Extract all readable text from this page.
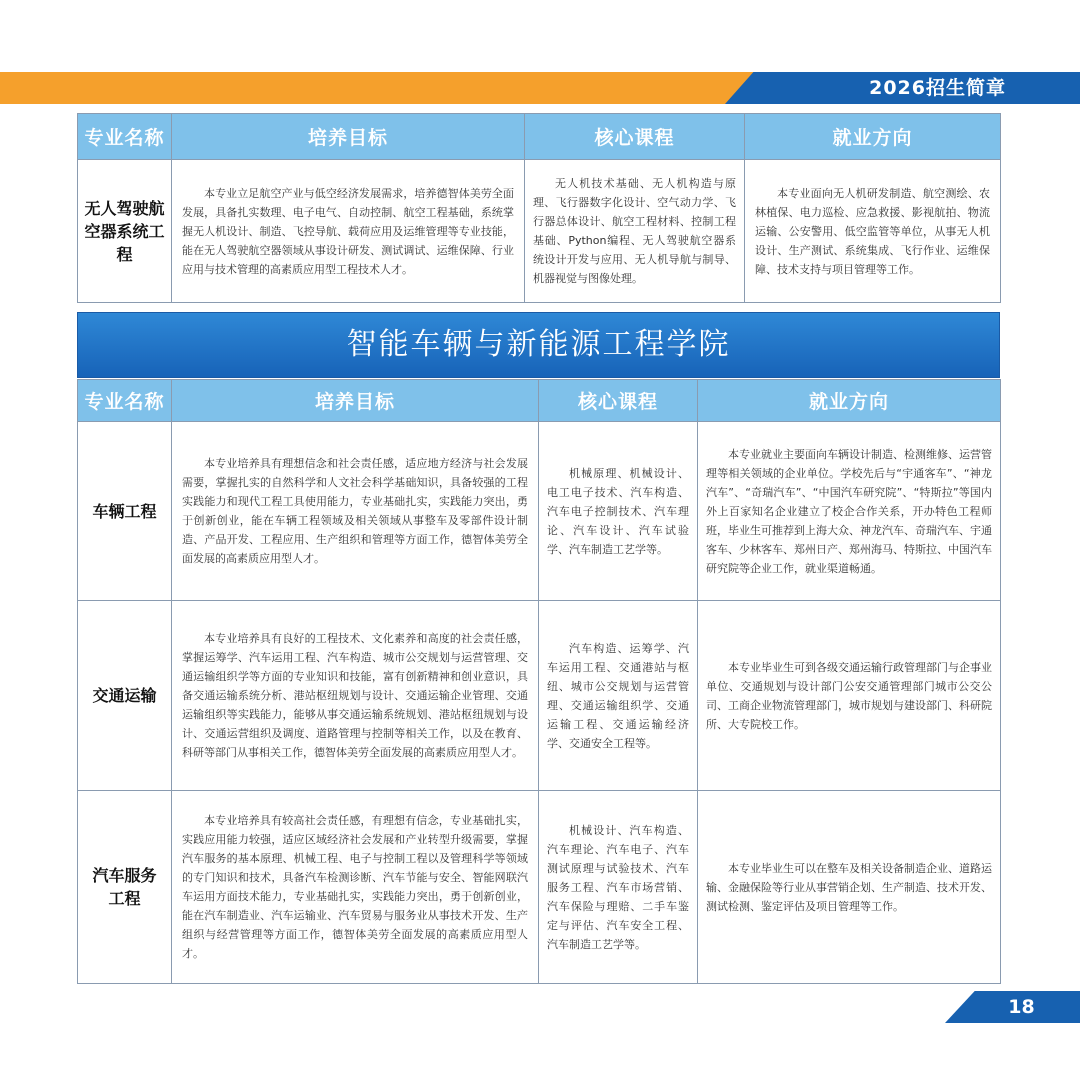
2026招生简章
专业名称	培养目标	核心课程	就业方向
无人驾驶航空器系统工程	本专业立足航空产业与低空经济发展需求，培养德智体美劳全面发展，具备扎实数理、电子电气、自动控制、航空工程基础，系统掌握无人机设计、制造、飞控导航、载荷应用及运维管理等专业技能，能在无人驾驶航空器领域从事设计研发、测试调试、运维保障、行业应用与技术管理的高素质应用型工程技术人才。	无人机技术基础、无人机构造与原理、飞行器数字化设计、空气动力学、飞行器总体设计、航空工程材料、控制工程基础、Python编程、无人驾驶航空器系统设计开发与应用、无人机导航与制导、机器视觉与图像处理。	本专业面向无人机研发制造、航空测绘、农林植保、电力巡检、应急救援、影视航拍、物流运输、公安警用、低空监管等单位，从事无人机设计、生产测试、系统集成、飞行作业、运维保障、技术支持与项目管理等工作。

智能车辆与新能源工程学院
专业名称	培养目标	核心课程	就业方向
车辆工程	本专业培养具有理想信念和社会责任感，适应地方经济与社会发展需要，掌握扎实的自然科学和人文社会科学基础知识，具备较强的工程实践能力和现代工程工具使用能力，专业基础扎实，实践能力突出，勇于创新创业，能在车辆工程领域及相关领域从事整车及零部件设计制造、产品开发、工程应用、生产组织和管理等方面工作，德智体美劳全面发展的高素质应用型人才。	机械原理、机械设计、电工电子技术、汽车构造、汽车电子控制技术、汽车理论、汽车设计、汽车试验学、汽车制造工艺学等。	本专业就业主要面向车辆设计制造、检测维修、运营管理等相关领域的企业单位。学校先后与“宇通客车”、“神龙汽车”、“奇瑞汽车”、“中国汽车研究院”、“特斯拉”等国内外上百家知名企业建立了校企合作关系，开办特色工程师班，毕业生可推荐到上海大众、神龙汽车、奇瑞汽车、宇通客车、少林客车、郑州日产、郑州海马、特斯拉、中国汽车研究院等企业工作，就业渠道畅通。

交通运输	本专业培养具有良好的工程技术、文化素养和高度的社会责任感，掌握运筹学、汽车运用工程、汽车构造、城市公交规划与运营管理、交通运输组织学等方面的专业知识和技能，富有创新精神和创业意识，具备交通运输系统分析、港站枢纽规划与设计、交通运输企业管理、交通运输组织等实践能力，能够从事交通运输系统规划、港站枢纽规划与设计、交通运营组织及调度、道路管理与控制等相关工作，以及在教育、科研等部门从事相关工作，德智体美劳全面发展的高素质应用型人才。	汽车构造、运筹学、汽车运用工程、交通港站与枢纽、城市公交规划与运营管理、交通运输组织学、交通运输工程、交通运输经济学、交通安全工程等。	本专业毕业生可到各级交通运输行政管理部门与企事业单位、交通规划与设计部门公安交通管理部门城市公交公司、工商企业物流管理部门，城市规划与建设部门、科研院所、大专院校工作。

汽车服务工程	本专业培养具有较高社会责任感，有理想有信念，专业基础扎实，实践应用能力较强，适应区域经济社会发展和产业转型升级需要，掌握汽车服务的基本原理、机械工程、电子与控制工程以及管理科学等领域的专门知识和技术，具备汽车检测诊断、汽车节能与安全、智能网联汽车运用方面技术能力，专业基础扎实，实践能力突出，勇于创新创业，能在汽车制造业、汽车运输业、汽车贸易与服务业从事技术开发、生产组织与经营管理等方面工作，德智体美劳全面发展的高素质应用型人才。	机械设计、汽车构造、汽车理论、汽车电子、汽车测试原理与试验技术、汽车服务工程、汽车市场营销、汽车保险与理赔、二手车鉴定与评估、汽车安全工程、汽车制造工艺学等。	本专业毕业生可以在整车及相关设备制造企业、道路运输、金融保险等行业从事营销企划、生产制造、技术开发、测试检测、鉴定评估及项目管理等工作。

18
